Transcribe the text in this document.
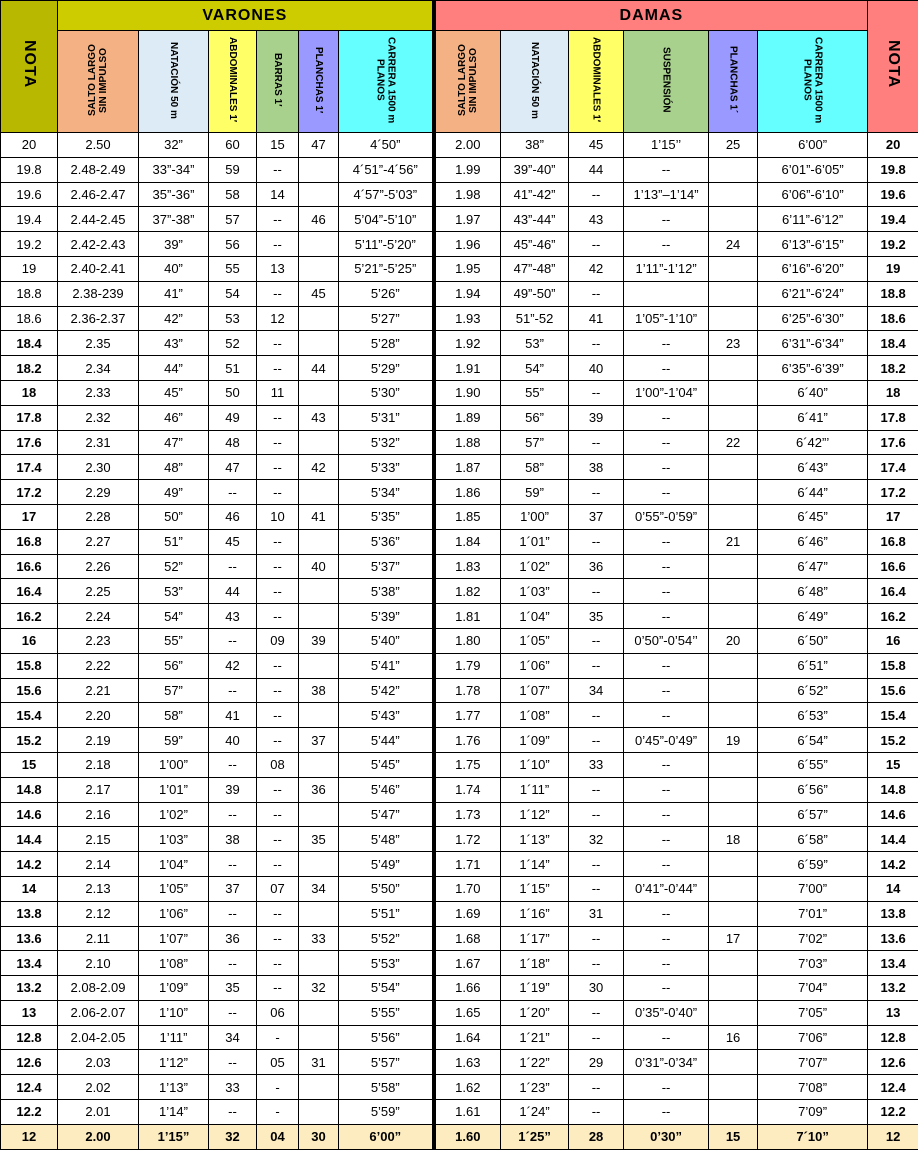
NOTA	VARONES						DAMAS						NOTA
	SALTO LARGO SIN IMPULSO	NATACIÓN 50 m	ABDOMINALES 1′	BARRAS 1′	PLANCHAS 1′	CARRERA 1500 m PLANOS	SALTO LARGO SIN IMPULSO	NATACIÓN 50 m	ABDOMINALES 1′	SUSPENSIÓN	PLANCHAS 1´	CARRERA 1500 m PLANOS	
20	2.50	32”	60	15	47	4´50”	2.00	38”	45	1’15’’	25	6’00”	20
19.8	2.48-2.49	33”-34”	59	--		4´51”-4´56”	1.99	39”-40”	44	--		6’01”-6’05”	19.8
19.6	2.46-2.47	35”-36”	58	14		4´57”-5’03”	1.98	41”-42”	--	1’13”–1’14”		6’06”-6’10”	19.6
19.4	2.44-2.45	37”-38”	57	--	46	5’04”-5’10”	1.97	43”-44”	43	--		6’11”-6’12”	19.4
19.2	2.42-2.43	39”	56	--		5’11”-5’20”	1.96	45”-46”	--	--	24	6’13”-6’15”	19.2
19	2.40-2.41	40”	55	13		5’21”-5’25”	1.95	47”-48”	42	1’11”-1’12”		6’16”-6’20”	19
18.8	2.38-239	41”	54	--	45	5’26”	1.94	49”-50”	--			6’21”-6’24”	18.8
18.6	2.36-2.37	42”	53	12		5’27”	1.93	51”-52	41	1’05”-1’10”		6’25”-6’30”	18.6
18.4	2.35	43”	52	--		5’28”	1.92	53”	--	--	23	6’31”-6’34”	18.4
18.2	2.34	44”	51	--	44	5’29”	1.91	54”	40	--		6’35”-6’39”	18.2
18	2.33	45”	50	11		5’30”	1.90	55”	--	1’00”-1’04”		6´40”	18
17.8	2.32	46”	49	--	43	5’31”	1.89	56”	39	--		6´41”	17.8
17.6	2.31	47”	48	--		5’32”	1.88	57”	--	--	22	6´42”’	17.6
17.4	2.30	48”	47	--	42	5’33”	1.87	58”	38	--		6´43”	17.4
17.2	2.29	49”	--	--		5’34”	1.86	59”	--	--		6´44”	17.2
17	2.28	50”	46	10	41	5’35”	1.85	1’00”	37	0’55”-0’59”		6´45”	17
16.8	2.27	51”	45	--		5’36”	1.84	1´01”	--	--	21	6´46”	16.8
16.6	2.26	52”	--	--	40	5’37”	1.83	1´02”	36	--		6´47”	16.6
16.4	2.25	53”	44	--		5’38”	1.82	1´03”	--	--		6´48”	16.4
16.2	2.24	54”	43	--		5’39”	1.81	1´04”	35	--		6´49”	16.2
16	2.23	55”	--	09	39	5’40”	1.80	1´05”	--	0’50”-0’54’’	20	6´50”	16
15.8	2.22	56”	42	--		5’41”	1.79	1´06”	--	--		6´51”	15.8
15.6	2.21	57”	--	--	38	5’42”	1.78	1´07”	34	--		6´52”	15.6
15.4	2.20	58”	41	--		5’43”	1.77	1´08”	--	--		6´53”	15.4
15.2	2.19	59”	40	--	37	5’44”	1.76	1´09”	--	0’45”-0’49”	19	6´54”	15.2
15	2.18	1’00”	--	08		5’45”	1.75	1´10”	33	--		6´55”	15
14.8	2.17	1’01”	39	--	36	5’46”	1.74	1´11”	--	--		6´56”	14.8
14.6	2.16	1’02”	--	--		5’47”	1.73	1´12”	--	--		6´57”	14.6
14.4	2.15	1’03”	38	--	35	5’48”	1.72	1´13”	32	--	18	6´58”	14.4
14.2	2.14	1’04”	--	--		5’49”	1.71	1´14”	--	--		6´59”	14.2
14	2.13	1’05”	37	07	34	5’50”	1.70	1´15”	--	0’41”-0’44”		7’00”	14
13.8	2.12	1’06”	--	--		5’51”	1.69	1´16”	31	--		7’01”	13.8
13.6	2.11	1’07”	36	--	33	5’52”	1.68	1´17”	--	--	17	7’02”	13.6
13.4	2.10	1’08”	--	--		5’53”	1.67	1´18”	--	--		7’03”	13.4
13.2	2.08-2.09	1’09”	35	--	32	5’54”	1.66	1´19”	30	--		7’04”	13.2
13	2.06-2.07	1’10”	--	06		5’55”	1.65	1´20”	--	0’35”-0’40”		7’05”	13
12.8	2.04-2.05	1’11”	34	-		5’56”	1.64	1´21”	--	--	16	7’06”	12.8
12.6	2.03	1’12”	--	05	31	5’57”	1.63	1´22”	29	0’31”-0’34”		7’07”	12.6
12.4	2.02	1’13”	33	-		5’58”	1.62	1´23”	--	--		7’08”	12.4
12.2	2.01	1’14”	--	-		5’59”	1.61	1´24”	--	--		7’09”	12.2
12	2.00	1’15”	32	04	30	6’00”	1.60	1´25”	28	0’30”	15	7´10”	12
